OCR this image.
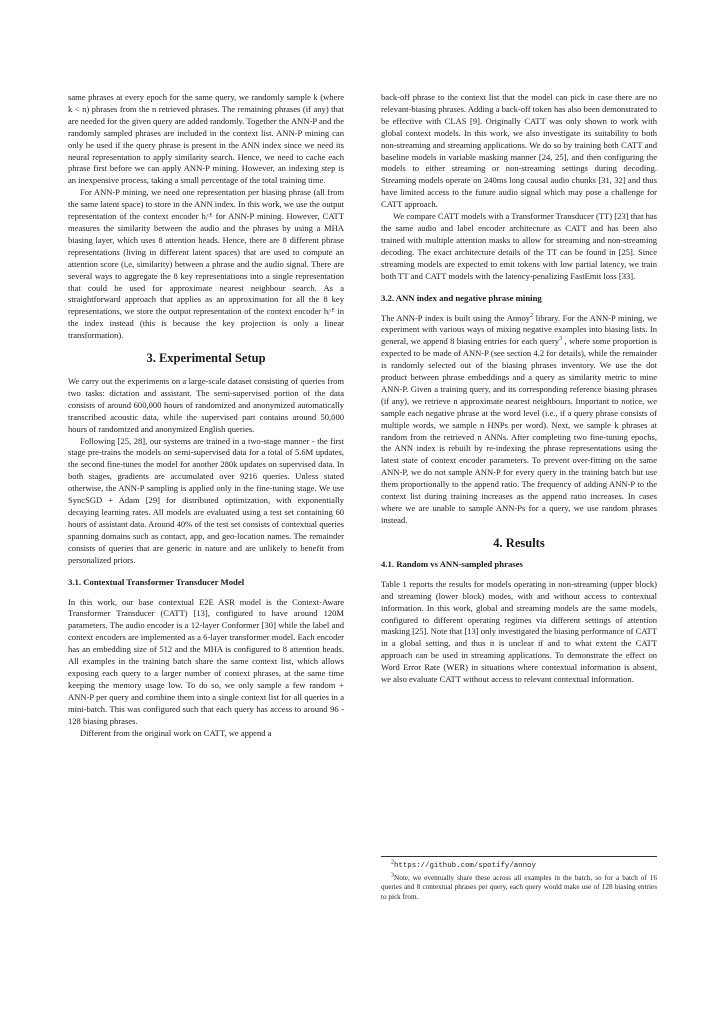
same phrases at every epoch for the same query, we randomly sample k (where k < n) phrases from the n retrieved phrases. The remaining phrases (if any) that are needed for the given query are added randomly. Together the ANN-P and the randomly sampled phrases are included in the context list. ANN-P mining can only be used if the query phrase is present in the ANN index since we need its neural representation to apply similarity search. Hence, we need to cache each phrase first before we can apply ANN-P mining. However, an indexing step is an inexpensive process, taking a small percentage of the total training time.

For ANN-P mining, we need one representation per biasing phrase (all from the same latent space) to store in the ANN index. In this work, we use the output representation of the context encoder hᵢᶜᴱ for ANN-P mining. However, CATT measures the similarity between the audio and the phrases by using a MHA biasing layer, which uses 8 attention heads. Hence, there are 8 different phrase representations (living in different latent spaces) that are used to compute an attention score (i,e, similarity) between a phrase and the audio signal. There are several ways to aggregate the 8 key representations into a single representation that could be used for approximate nearest neighbour search. As a straightforward approach that applies as an approximation for all the 8 key representations, we store the output representation of the context encoder hᵢᶜᴱ in the index instead (this is because the key projection is only a linear transformation).

3. Experimental Setup

We carry out the experiments on a large-scale dataset consisting of queries from two tasks: dictation and assistant. The semi-supervised portion of the data consists of around 600,000 hours of randomized and anonymized automatically transcribed acoustic data, while the supervised part contains around 50,000 hours of randomized and anonymized English queries.

Following [25, 28], our systems are trained in a two-stage manner - the first stage pre-trains the models on semi-supervised data for a total of 5.6M updates, the second fine-tunes the model for another 280k updates on supervised data. In both stages, gradients are accumulated over 9216 queries. Unless stated otherwise, the ANN-P sampling is applied only in the fine-tuning stage. We use SyncSGD + Adam [29] for distributed optimization, with exponentially decaying learning rates. All models are evaluated using a test set containing 60 hours of assistant data. Around 40% of the test set consists of contextual queries spanning domains such as contact, app, and geo-location names. The remainder consists of queries that are generic in nature and are unlikely to benefit from personalized priors.

3.1. Contextual Transformer Transducer Model

In this work, our base contextual E2E ASR model is the Context-Aware Transformer Transducer (CATT) [13], configured to have around 120M parameters. The audio encoder is a 12-layer Conformer [30] while the label and context encoders are implemented as a 6-layer transformer model. Each encoder has an embedding size of 512 and the MHA is configured to 8 attention heads. All examples in the training batch share the same context list, which allows exposing each query to a larger number of context phrases, at the same time keeping the memory usage low. To do so, we only sample a few random + ANN-P per query and combine them into a single context list for all queries in a mini-batch. This was configured such that each query has access to around 96 - 128 biasing phrases.

Different from the original work on CATT, we append a

back-off phrase to the context list that the model can pick in case there are no relevant-biasing phrases. Adding a back-off token has also been demonstrated to be effective with CLAS [9]. Originally CATT was only shown to work with global context models. In this work, we also investigate its suitability to both non-streaming and streaming applications. We do so by training both CATT and baseline models in variable masking manner [24, 25], and then configuring the models to either streaming or non-streaming settings during decoding. Streaming models operate on 240ms long causal audio chunks [31, 32] and thus have limited access to the future audio signal which may pose a challenge for CATT approach.

We compare CATT models with a Transformer Transducer (TT) [23] that has the same audio and label encoder architecture as CATT and has been also trained with multiple attention masks to allow for streaming and non-streaming decoding. The exact architecture details of the TT can be found in [25]. Since streaming models are expected to emit tokens with low partial latency, we train both TT and CATT models with the latency-penalizing FastEmit loss [33].

3.2. ANN index and negative phrase mining

The ANN-P index is built using the Annoy$^2$ library. For the ANN-P mining, we experiment with various ways of mixing negative examples into biasing lists. In general, we append 8 biasing entries for each query$^3$ , where some proportion is expected to be made of ANN-P (see section 4.2 for details), while the remainder is randomly selected out of the biasing phrases inventory. We use the dot product between phrase embeddings and a query as similarity metric to mine ANN-P. Given a training query, and its corresponding reference biasing phrases (if any), we retrieve n approximate nearest neighbours. Important to notice, we sample each negative phrase at the word level (i.e., if a query phrase consists of multiple words, we sample n HNPs per word). Next, we sample k phrases at random from the retrieved n ANNs. After completing two fine-tuning epochs, the ANN index is rebuilt by re-indexing the phrase representations using the latest state of context encoder parameters. To prevent over-fitting on the same ANN-P, we do not sample ANN-P for every query in the training batch but use them proportionally to the append ratio. The frequency of adding ANN-P to the context list during training increases as the append ratio increases. In cases where we are unable to sample ANN-Ps for a query, we use random phrases instead.

4. Results
4.1. Random vs ANN-sampled phrases

Table 1 reports the results for models operating in non-streaming (upper block) and streaming (lower block) modes, with and without access to contextual information. In this work, global and streaming models are the same models, configured to different operating regimes via different settings of attention masking [25]. Note that [13] only investigated the biasing performance of CATT in a global setting, and thus it is unclear if and to what extent the CATT approach can be used in streaming applications. To demonstrate the effect on Word Error Rate (WER) in situations where contextual information is absent, we also evaluate CATT without access to relevant contextual information.

$^2$https://github.com/spotify/annoy

$^3$Note, we eventually share these across all examples in the batch, so for a batch of 16 queries and 8 contextual phrases per query, each query would make use of 128 biasing entries to pick from.
